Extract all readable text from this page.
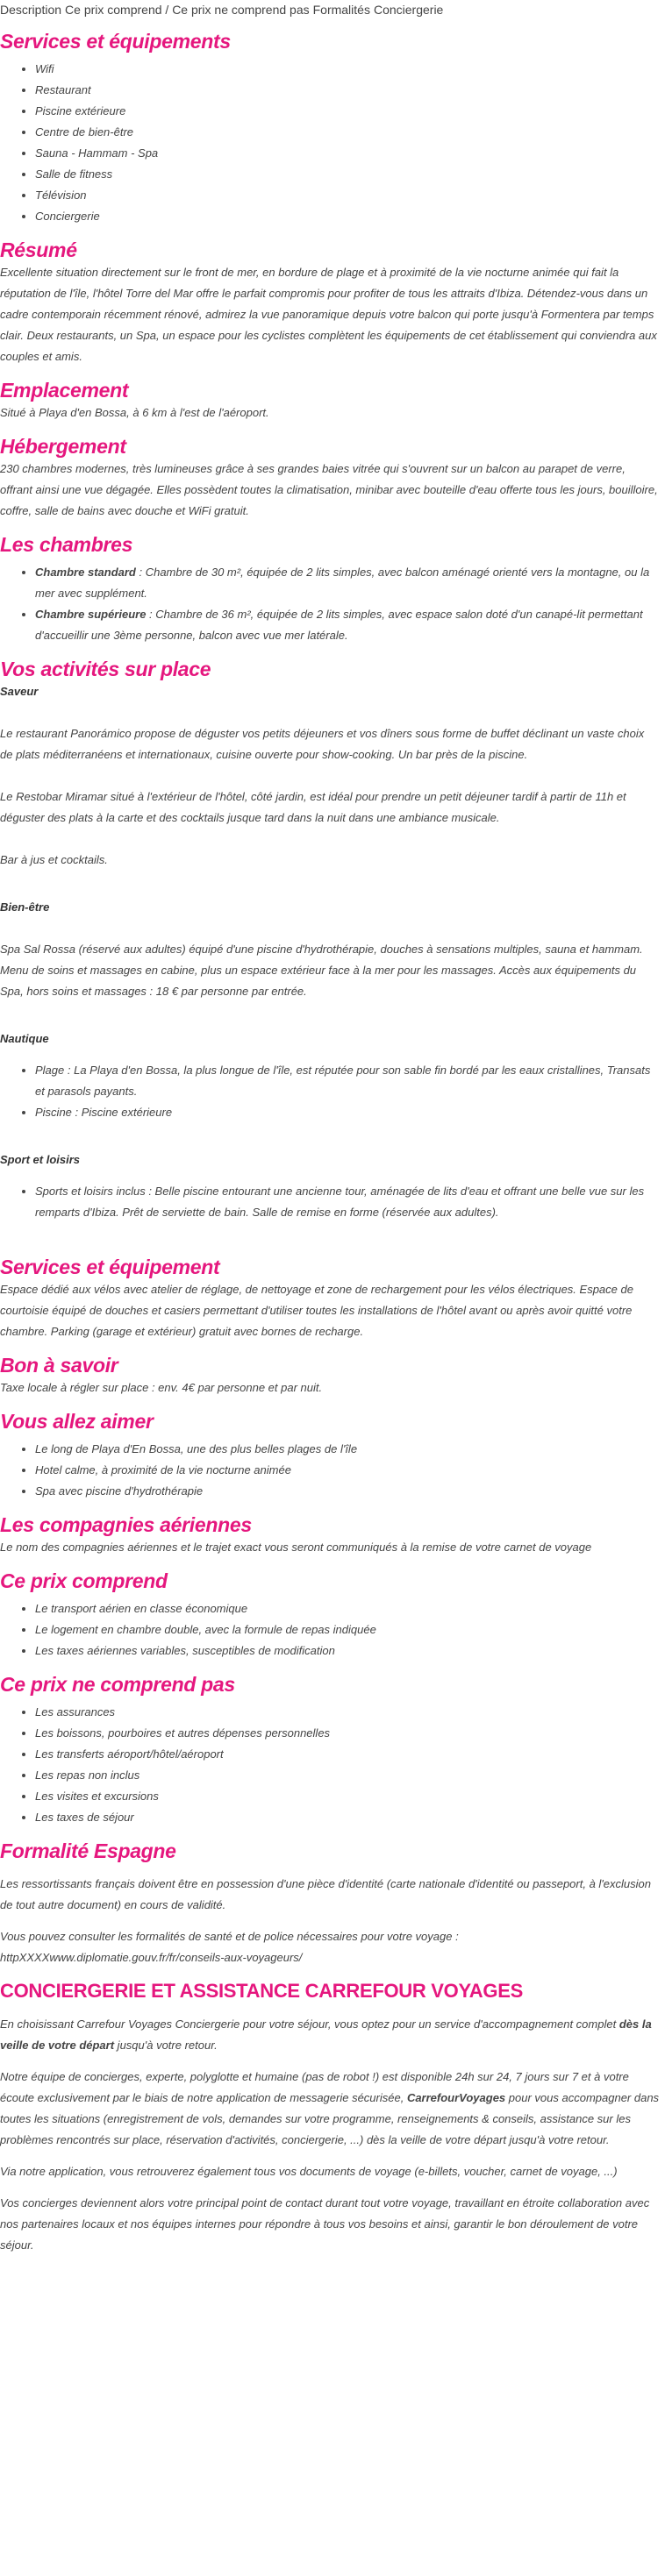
Description Ce prix comprend / Ce prix ne comprend pas Formalités Conciergerie
Services et équipements
• Wifi
• Restaurant
• Piscine extérieure
• Centre de bien-être
• Sauna - Hammam - Spa
• Salle de fitness
• Télévision
• Conciergerie
Résumé

Excellente situation directement sur le front de mer, en bordure de plage et à proximité de la vie nocturne animée qui fait la réputation de l'île, l'hôtel Torre del Mar offre le parfait compromis pour profiter de tous les attraits d'Ibiza. Détendez-vous dans un cadre contemporain récemment rénové, admirez la vue panoramique depuis votre balcon qui porte jusqu'à Formentera par temps clair. Deux restaurants, un Spa, un espace pour les cyclistes complètent les équipements de cet établissement qui conviendra aux couples et amis.

Emplacement

Situé à Playa d'en Bossa, à 6 km à l'est de l'aéroport.

Hébergement

230 chambres modernes, très lumineuses grâce à ses grandes baies vitrée qui s'ouvrent sur un balcon au parapet de verre, offrant ainsi une vue dégagée. Elles possèdent toutes la climatisation, minibar avec bouteille d'eau offerte tous les jours, bouilloire, coffre, salle de bains avec douche et WiFi gratuit.

Les chambres
• Chambre standard : Chambre de 30 m², équipée de 2 lits simples, avec balcon aménagé orienté vers la montagne, ou la mer avec supplément.
• Chambre supérieure : Chambre de 36 m², équipée de 2 lits simples, avec espace salon doté d'un canapé-lit permettant d'accueillir une 3ème personne, balcon avec vue mer latérale.
Vos activités sur place
Saveur

Le restaurant Panorámico propose de déguster vos petits déjeuners et vos dîners sous forme de buffet déclinant un vaste choix de plats méditerranéens et internationaux, cuisine ouverte pour show-cooking. Un bar près de la piscine.

Le Restobar Miramar situé à l'extérieur de l'hôtel, côté jardin, est idéal pour prendre un petit déjeuner tardif à partir de 11h et déguster des plats à la carte et des cocktails jusque tard dans la nuit dans une ambiance musicale.

Bar à jus et cocktails.

Bien-être

Spa Sal Rossa (réservé aux adultes) équipé d'une piscine d'hydrothérapie, douches à sensations multiples, sauna et hammam. Menu de soins et massages en cabine, plus un espace extérieur face à la mer pour les massages. Accès aux équipements du Spa, hors soins et massages : 18 € par personne par entrée.

Nautique
• Plage : La Playa d'en Bossa, la plus longue de l'île, est réputée pour son sable fin bordé par les eaux cristallines, Transats et parasols payants.
• Piscine : Piscine extérieure
Sport et loisirs
• Sports et loisirs inclus : Belle piscine entourant une ancienne tour, aménagée de lits d'eau et offrant une belle vue sur les remparts d'Ibiza. Prêt de serviette de bain. Salle de remise en forme (réservée aux adultes).
Services et équipement

Espace dédié aux vélos avec atelier de réglage, de nettoyage et zone de rechargement pour les vélos électriques. Espace de courtoisie équipé de douches et casiers permettant d'utiliser toutes les installations de l'hôtel avant ou après avoir quitté votre chambre. Parking (garage et extérieur) gratuit avec bornes de recharge.

Bon à savoir

Taxe locale à régler sur place : env. 4€ par personne et par nuit.

Vous allez aimer
• Le long de Playa d'En Bossa, une des plus belles plages de l'île
• Hotel calme, à proximité de la vie nocturne animée
• Spa avec piscine d'hydrothérapie
Les compagnies aériennes

Le nom des compagnies aériennes et le trajet exact vous seront communiqués à la remise de votre carnet de voyage

Ce prix comprend
• Le transport aérien en classe économique
• Le logement en chambre double, avec la formule de repas indiquée
• Les taxes aériennes variables, susceptibles de modification
Ce prix ne comprend pas
• Les assurances
• Les boissons, pourboires et autres dépenses personnelles
• Les transferts aéroport/hôtel/aéroport
• Les repas non inclus
• Les visites et excursions
• Les taxes de séjour
Formalité Espagne

Les ressortissants français doivent être en possession d'une pièce d'identité (carte nationale d'identité ou passeport, à l'exclusion de tout autre document) en cours de validité.

Vous pouvez consulter les formalités de santé et de police nécessaires pour votre voyage : httpXXXXwww.diplomatie.gouv.fr/fr/conseils-aux-voyageurs/

CONCIERGERIE ET ASSISTANCE CARREFOUR VOYAGES

En choisissant Carrefour Voyages Conciergerie pour votre séjour, vous optez pour un service d'accompagnement complet dès la veille de votre départ jusqu'à votre retour.

Notre équipe de concierges, experte, polyglotte et humaine (pas de robot !) est disponible 24h sur 24, 7 jours sur 7 et à votre écoute exclusivement par le biais de notre application de messagerie sécurisée, CarrefourVoyages pour vous accompagner dans toutes les situations (enregistrement de vols, demandes sur votre programme, renseignements & conseils, assistance sur les problèmes rencontrés sur place, réservation d'activités, conciergerie, ...) dès la veille de votre départ jusqu'à votre retour.

Via notre application, vous retrouverez également tous vos documents de voyage (e-billets, voucher, carnet de voyage, ...)

Vos concierges deviennent alors votre principal point de contact durant tout votre voyage, travaillant en étroite collaboration avec nos partenaires locaux et nos équipes internes pour répondre à tous vos besoins et ainsi, garantir le bon déroulement de votre séjour.
